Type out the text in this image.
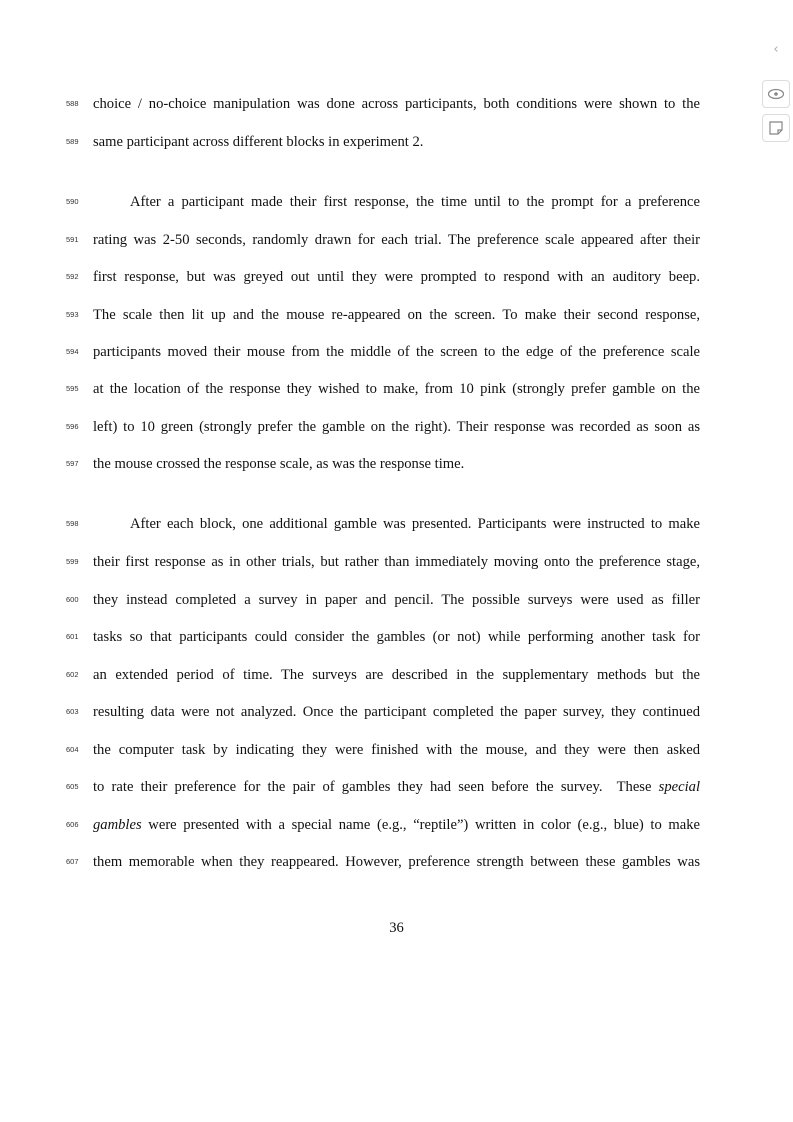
‹
588
589
590
591
592
593
594
595
596
597
598
599
600
601
602
603
604
605
606
607
choice / no-choice manipulation was done across participants, both conditions were shown to the
same participant across different blocks in experiment 2.
After a participant made their first response, the time until to the prompt for a preference
rating was 2-50 seconds, randomly drawn for each trial. The preference scale appeared after their
first response, but was greyed out until they were prompted to respond with an auditory beep.
The scale then lit up and the mouse re-appeared on the screen. To make their second response,
participants moved their mouse from the middle of the screen to the edge of the preference scale
at the location of the response they wished to make, from 10 pink (strongly prefer gamble on the
left) to 10 green (strongly prefer the gamble on the right). Their response was recorded as soon as
the mouse crossed the response scale, as was the response time.
After each block, one additional gamble was presented. Participants were instructed to make
their first response as in other trials, but rather than immediately moving onto the preference stage,
they instead completed a survey in paper and pencil. The possible surveys were used as filler
tasks so that participants could consider the gambles (or not) while performing another task for
an extended period of time. The surveys are described in the supplementary methods but the
resulting data were not analyzed. Once the participant completed the paper survey, they continued
the computer task by indicating they were finished with the mouse, and they were then asked
to rate their preference for the pair of gambles they had seen before the survey.  These special
gambles were presented with a special name (e.g., “reptile”) written in color (e.g., blue) to make
them memorable when they reappeared. However, preference strength between these gambles was
36
